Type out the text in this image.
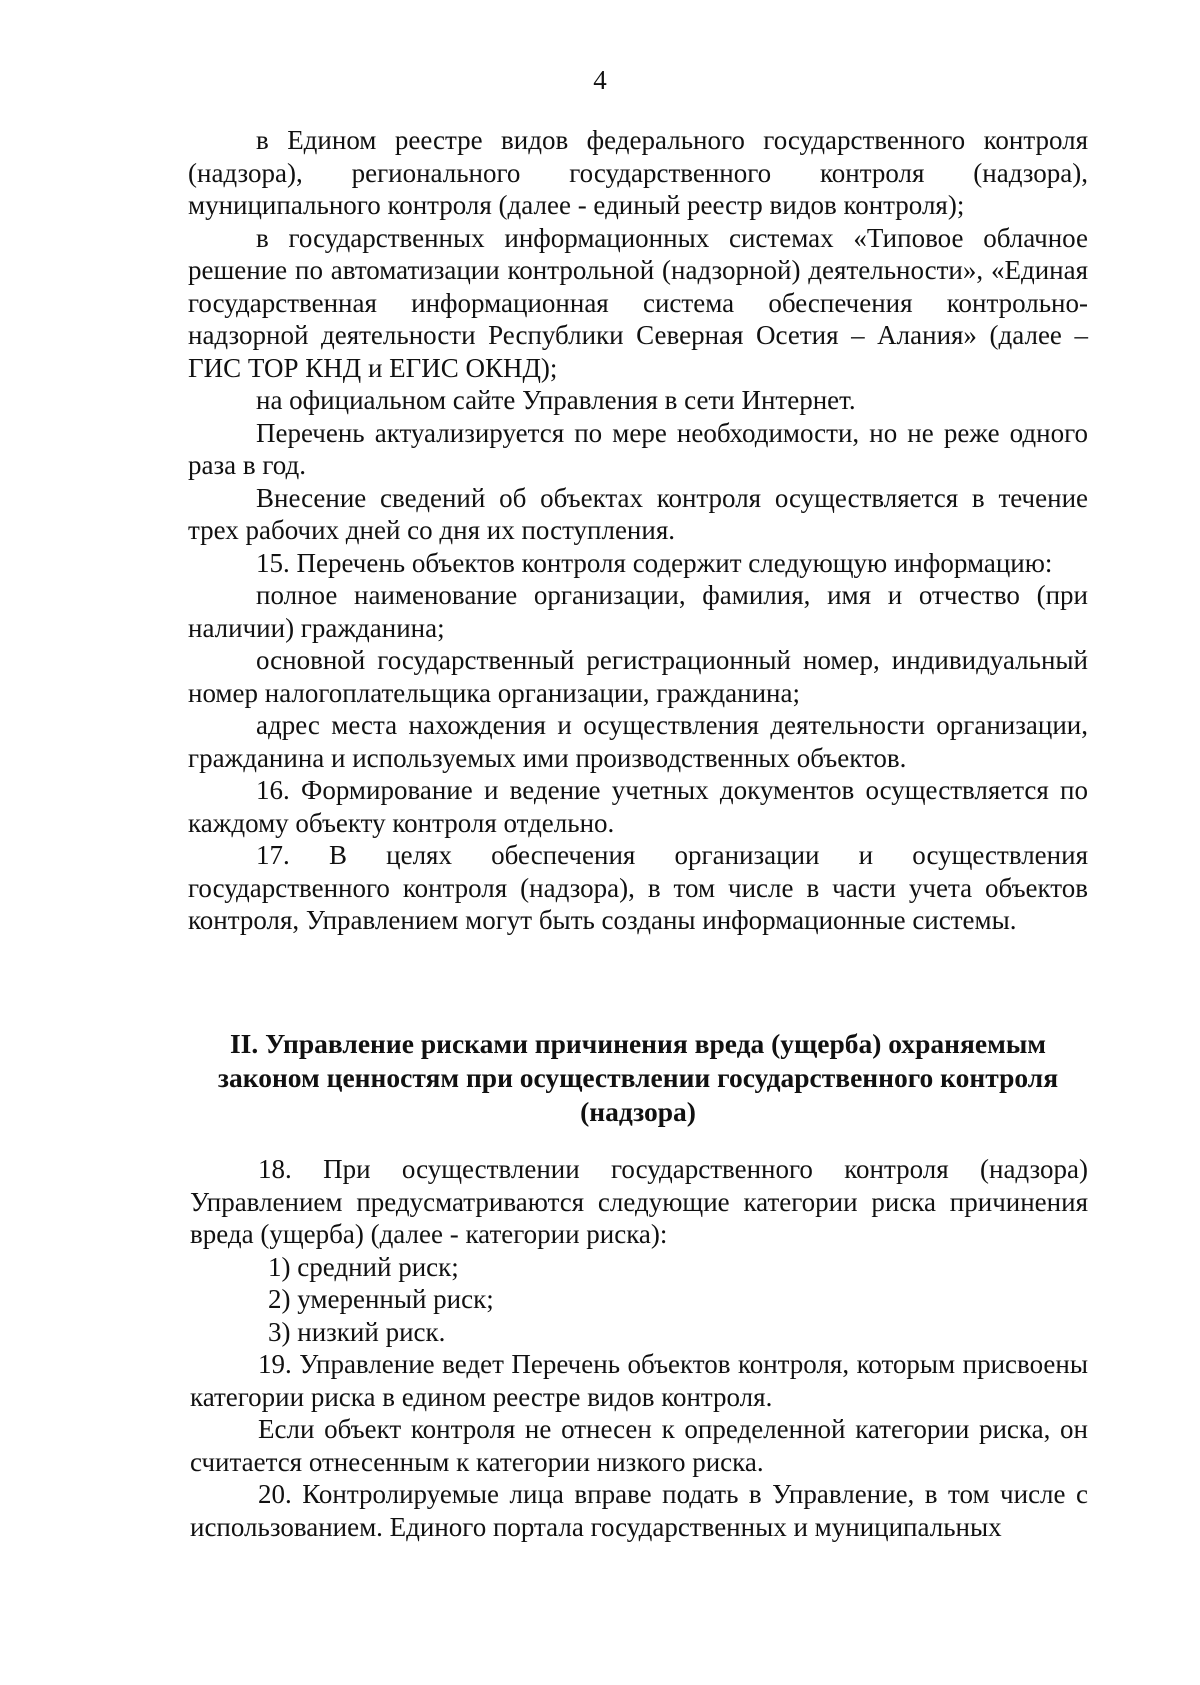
4

в Едином реестре видов федерального государственного контроля (надзора), регионального государственного контроля (надзора), муниципального контроля (далее - единый реестр видов контроля);

в государственных информационных системах «Типовое облачное решение по автоматизации контрольной (надзорной) деятельности», «Единая государственная информационная система обеспечения контрольно-надзорной деятельности Республики Северная Осетия – Алания» (далее – ГИС ТОР КНД и ЕГИС ОКНД);

на официальном сайте Управления в сети Интернет.

Перечень актуализируется по мере необходимости, но не реже одного раза в год.

Внесение сведений об объектах контроля осуществляется в течение трех рабочих дней со дня их поступления.

15. Перечень объектов контроля содержит следующую информацию:

полное наименование организации, фамилия, имя и отчество (при наличии) гражданина;

основной государственный регистрационный номер, индивидуальный номер налогоплательщика организации, гражданина;

адрес места нахождения и осуществления деятельности организации, гражданина и используемых ими производственных объектов.

16. Формирование и ведение учетных документов осуществляется по каждому объекту контроля отдельно.

17. В целях обеспечения организации и осуществления государственного контроля (надзора), в том числе в части учета объектов контроля, Управлением могут быть созданы информационные системы.

II. Управление рисками причинения вреда (ущерба) охраняемым законом ценностям при осуществлении государственного контроля (надзора)

18. При осуществлении государственного контроля (надзора) Управлением предусматриваются следующие категории риска причинения вреда (ущерба) (далее - категории риска):

1) средний риск;

2) умеренный риск;

3) низкий риск.

19. Управление ведет Перечень объектов контроля, которым присвоены категории риска в едином реестре видов контроля.

Если объект контроля не отнесен к определенной категории риска, он считается отнесенным к категории низкого риска.

20. Контролируемые лица вправе подать в Управление, в том числе с использованием. Единого портала государственных и муниципальных
